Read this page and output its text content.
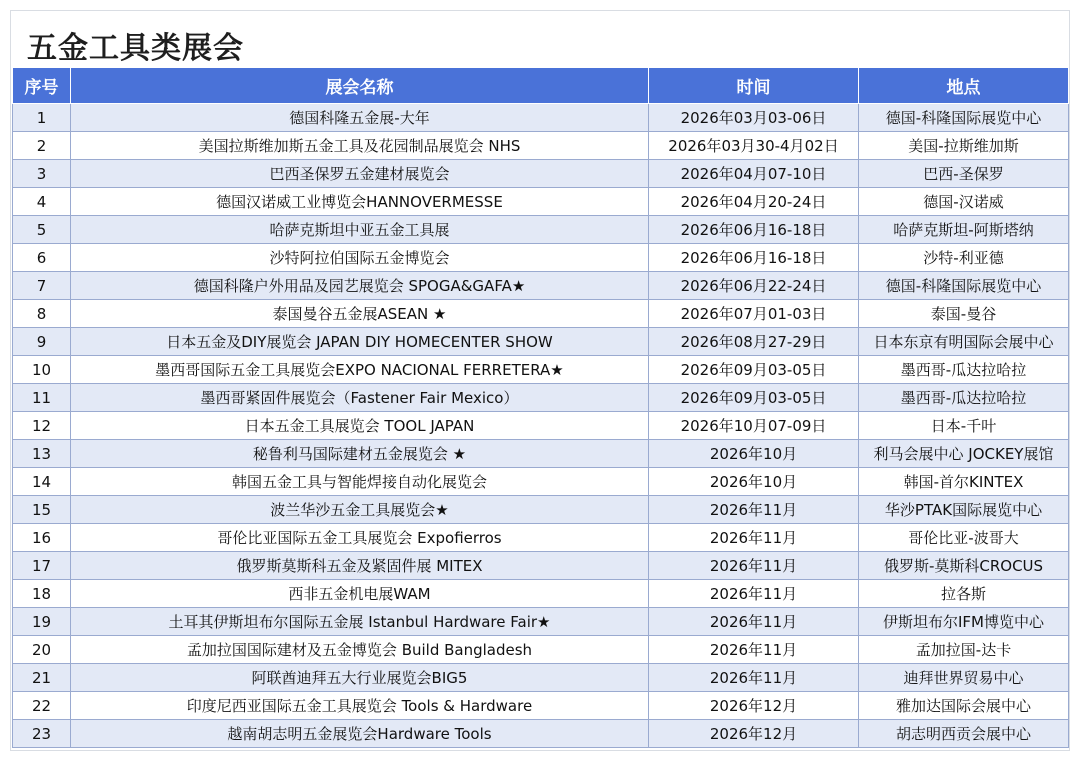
五金工具类展会
序号	展会名称	时间	地点
1	德国科隆五金展-大年	2026年03月03-06日	德国-科隆国际展览中心
2	美国拉斯维加斯五金工具及花园制品展览会 NHS	2026年03月30-4月02日	美国-拉斯维加斯
3	巴西圣保罗五金建材展览会	2026年04月07-10日	巴西-圣保罗
4	德国汉诺威工业博览会HANNOVERMESSE	2026年04月20-24日	德国-汉诺威
5	哈萨克斯坦中亚五金工具展	2026年06月16-18日	哈萨克斯坦-阿斯塔纳
6	沙特阿拉伯国际五金博览会	2026年06月16-18日	沙特-利亚德
7	德国科隆户外用品及园艺展览会 SPOGA&GAFA★	2026年06月22-24日	德国-科隆国际展览中心
8	泰国曼谷五金展ASEAN ★	2026年07月01-03日	泰国-曼谷
9	日本五金及DIY展览会 JAPAN DIY HOMECENTER SHOW	2026年08月27-29日	日本东京有明国际会展中心
10	墨西哥国际五金工具展览会EXPO NACIONAL FERRETERA★	2026年09月03-05日	墨西哥-瓜达拉哈拉
11	墨西哥紧固件展览会（Fastener Fair Mexico）	2026年09月03-05日	墨西哥-瓜达拉哈拉
12	日本五金工具展览会 TOOL JAPAN	2026年10月07-09日	日本-千叶
13	秘鲁利马国际建材五金展览会 ★	2026年10月	利马会展中心 JOCKEY展馆
14	韩国五金工具与智能焊接自动化展览会	2026年10月	韩国-首尔KINTEX
15	波兰华沙五金工具展览会★	2026年11月	华沙PTAK国际展览中心
16	哥伦比亚国际五金工具展览会 Expofierros	2026年11月	哥伦比亚-波哥大
17	俄罗斯莫斯科五金及紧固件展 MITEX	2026年11月	俄罗斯-莫斯科CROCUS
18	西非五金机电展WAM	2026年11月	拉各斯
19	土耳其伊斯坦布尔国际五金展 Istanbul Hardware Fair★	2026年11月	伊斯坦布尔IFM博览中心
20	孟加拉国国际建材及五金博览会 Build Bangladesh	2026年11月	孟加拉国-达卡
21	阿联酋迪拜五大行业展览会BIG5	2026年11月	迪拜世界贸易中心
22	印度尼西亚国际五金工具展览会 Tools & Hardware	2026年12月	雅加达国际会展中心
23	越南胡志明五金展览会Hardware Tools	2026年12月	胡志明西贡会展中心
